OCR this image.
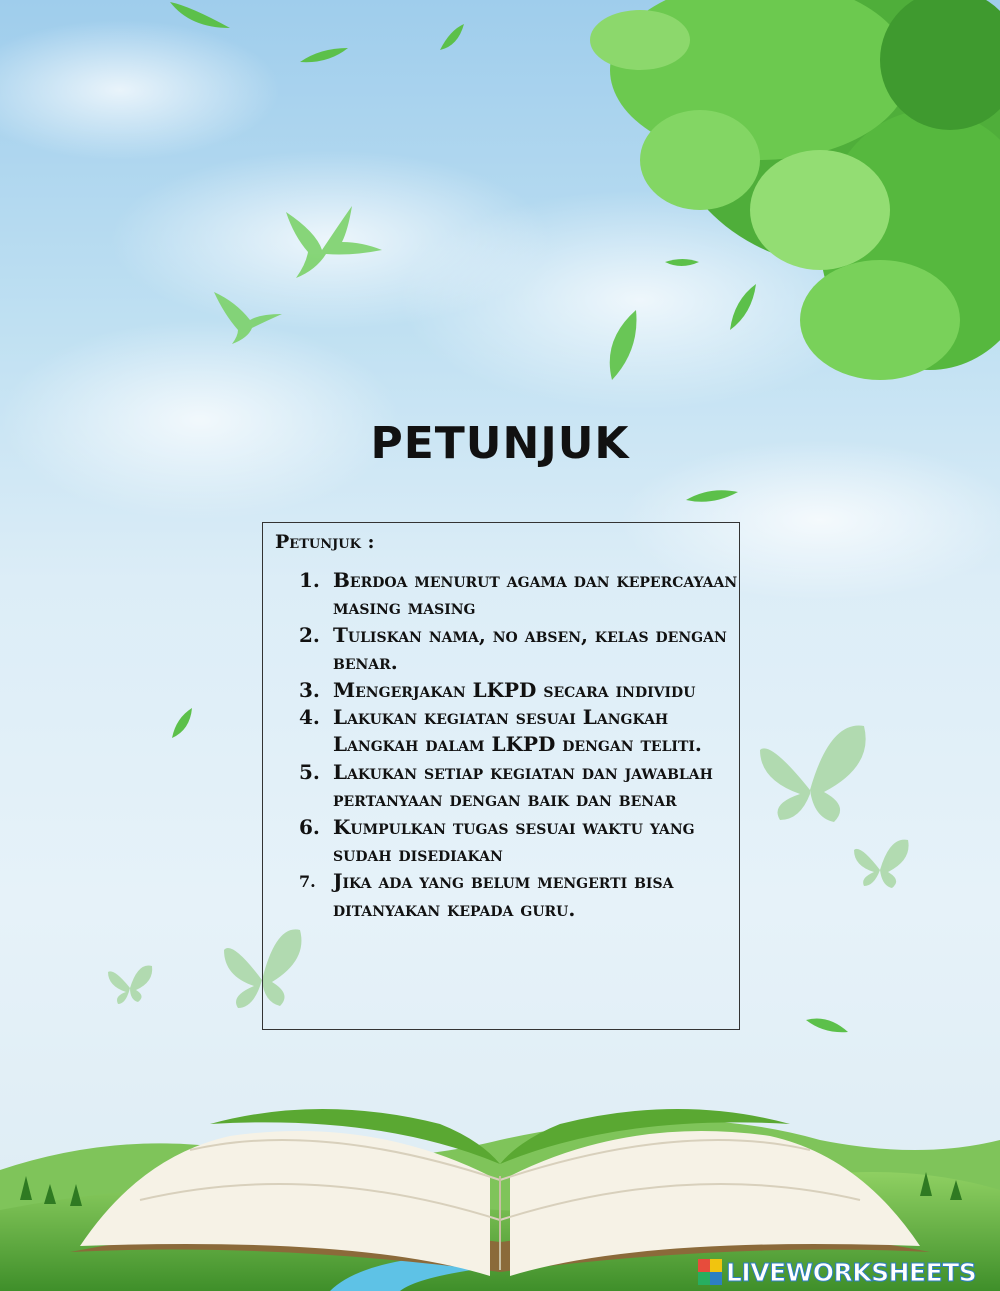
PETUNJUK

Petunjuk :

1. Berdoa menurut agama dan kepercayaan masing masing
2. Tuliskan nama, no absen, kelas dengan benar.
3. Mengerjakan LKPD secara individu
4. Lakukan kegiatan sesuai Langkah Langkah dalam LKPD dengan teliti.
5. Lakukan setiap kegiatan dan jawablah pertanyaan dengan baik dan benar
6. Kumpulkan tugas sesuai waktu yang sudah disediakan
7. Jika ada yang belum mengerti bisa ditanyakan kepada guru.
LIVEWORKSHEETS
